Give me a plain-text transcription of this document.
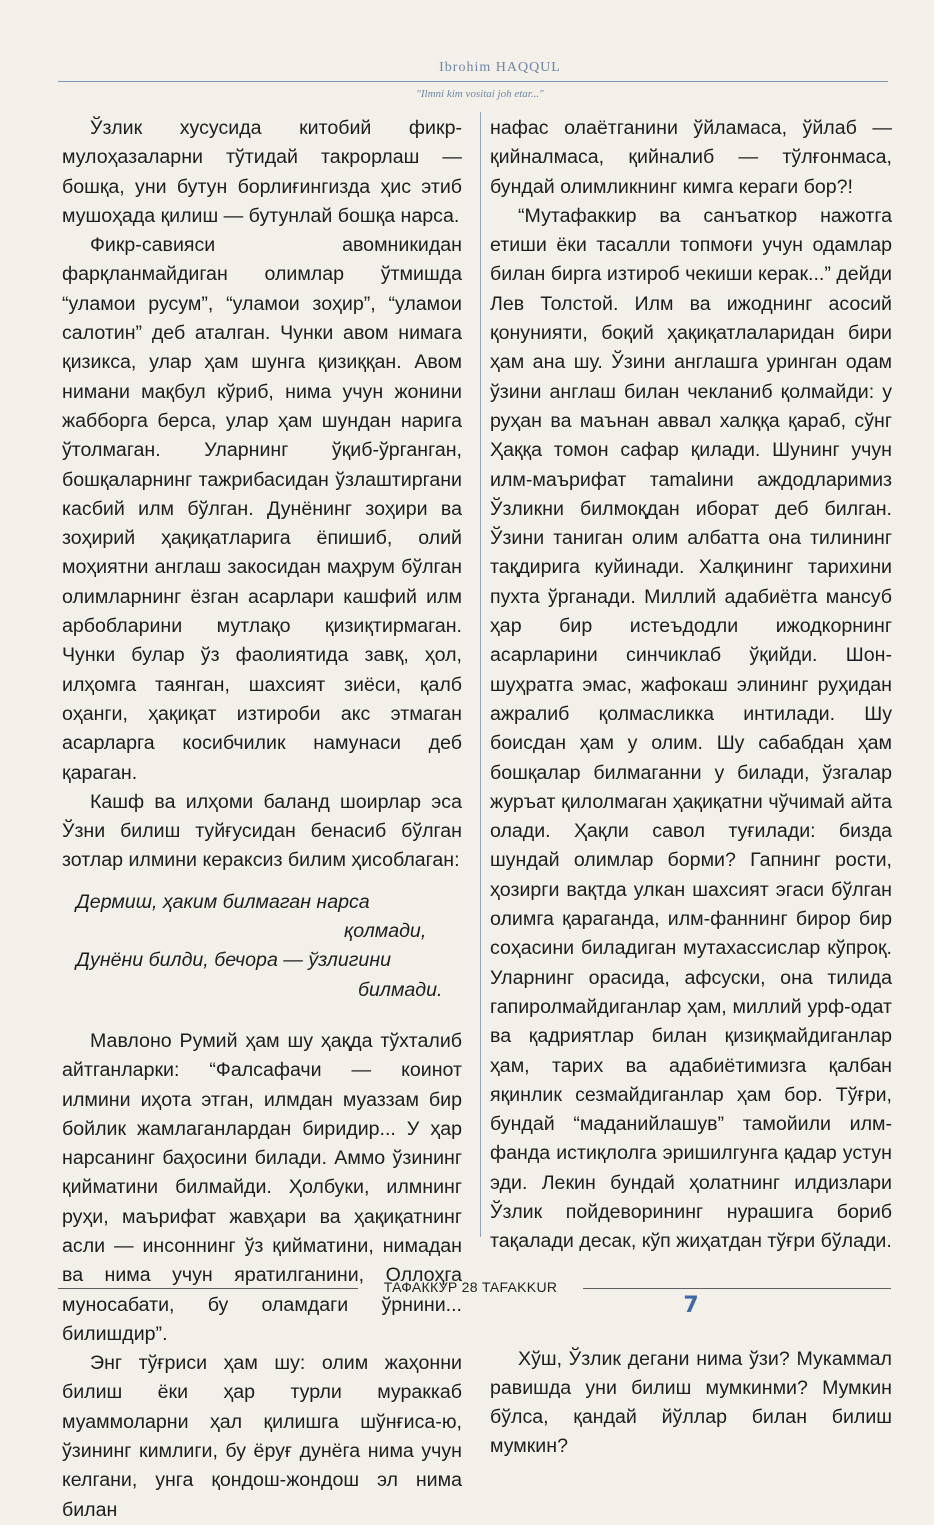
Ibrohim HAQQUL
"Ilmni kim vositai joh etar..."

Ўзлик хусусида китобий фикр-мулоҳазаларни тўтидай такрорлаш — бошқа, уни бутун борлиғингизда ҳис этиб мушоҳада қилиш — бутунлай бошқа нарса.

Фикр-савияси авомникидан фарқланмайдиган олимлар ўтмишда “уламои русум”, “уламои зоҳир”, “уламои салотин” деб аталган. Чунки авом нимага қизикса, улар ҳам шунга қизиққан. Авом нимани мақбул кўриб, нима учун жонини жабборга берса, улар ҳам шундан нарига ўтолмаган. Уларнинг ўқиб-ўрганган, бошқаларнинг тажрибасидан ўзлаштиргани касбий илм бўлган. Дунёнинг зоҳири ва зоҳирий ҳақиқатларига ёпишиб, олий моҳиятни англаш закосидан маҳрум бўлган олимларнинг ёзган асарлари кашфий илм арбобларини мутлақо қизиқтирмаган. Чунки булар ўз фаолиятида завқ, ҳол, илҳомга таянган, шахсият зиёси, қалб оҳанги, ҳақиқат изтироби акс этмаган асарларга косибчилик намунаси деб қараган.

Кашф ва илҳоми баланд шоирлар эса Ўзни билиш туйғусидан бенасиб бўлган зотлар илмини кераксиз билим ҳисоблаган:

Дермиш, ҳаким билмаган нарса
қолмади,
Дунёни билди, бечора — ўзлигини
билмади.

Мавлоно Румий ҳам шу ҳақда тўхталиб айтганларки: “Фалсафачи — коинот илмини иҳота этган, илмдан муаззам бир бойлик жамлаганлардан биридир... У ҳар нарсанинг баҳосини билади. Аммо ўзининг қийматини билмайди. Ҳолбуки, илмнинг руҳи, маърифат жавҳари ва ҳақиқатнинг асли — инсоннинг ўз қийматини, нимадан ва нима учун яратилганини, Оллоҳга муносабати, бу оламдаги ўрнини... билишдир”.

Энг тўғриси ҳам шу: олим жаҳонни билиш ёки ҳар турли мураккаб муаммоларни ҳал қилишга шўнғиса-ю, ўзининг кимлиги, бу ёруғ дунёга нима учун келгани, унга қондош-жондош эл нима билан

нафас олаётганини ўйламаса, ўйлаб — қийналмаса, қийналиб — тўлғонмаса, бундай олимликнинг кимга кераги бор?!

“Мутафаккир ва санъаткор нажотга етиши ёки тасалли топмоғи учун одамлар билан бирга изтироб чекиши керак...” дейди Лев Толстой. Илм ва ижоднинг асосий қонунияти, боқий ҳақиқатлаларидан бири ҳам ана шу. Ўзини англашга уринган одам ўзини англаш билан чекланиб қолмайди: у руҳан ва маънан аввал халққа қараб, сўнг Ҳаққа томон сафар қилади. Шунинг учун илм-маърифат таmalини аждодларимиз Ўзликни билмоқдан иборат деб билган. Ўзини таниган олим албатта она тилининг тақдирига куйинади. Халқининг тарихини пухта ўрганади. Миллий адабиётга мансуб ҳар бир истеъдодли ижодкорнинг асарларини синчиклаб ўқийди. Шон-шуҳратга эмас, жафокаш элининг руҳидан ажралиб қолмасликка интилади. Шу боисдан ҳам у олим. Шу сабабдан ҳам бошқалар билмаганни у билади, ўзгалар журъат қилолмаган ҳақиқатни чўчимай айта олади. Ҳақли савол туғилади: бизда шундай олимлар борми? Гапнинг рости, ҳозирги вақтда улкан шахсият эгаси бўлган олимга қараганда, илм-фаннинг бирор бир соҳасини биладиган мутахассислар кўпроқ. Уларнинг орасида, афсуски, она тилида гапиролмайдиганлар ҳам, миллий урф-одат ва қадриятлар билан қизиқмайдиганлар ҳам, тарих ва адабиётимизга қалбан яқинлик сезмайдиганлар ҳам бор. Тўғри, бундай “маданийлашув” тамойили илм-фанда истиқлолга эришилгунга қадар устун эди. Лекин бундай ҳолатнинг илдизлари Ўзлик пойдеворининг нурашига бориб тақалади десак, кўп жиҳатдан тўғри бўлади.

7

Хўш, Ўзлик дегани нима ўзи? Мукаммал равишда уни билиш мумкинми? Мумкин бўлса, қандай йўллар билан билиш мумкин?

ТАФАККУР 28 TAFAKKUR
